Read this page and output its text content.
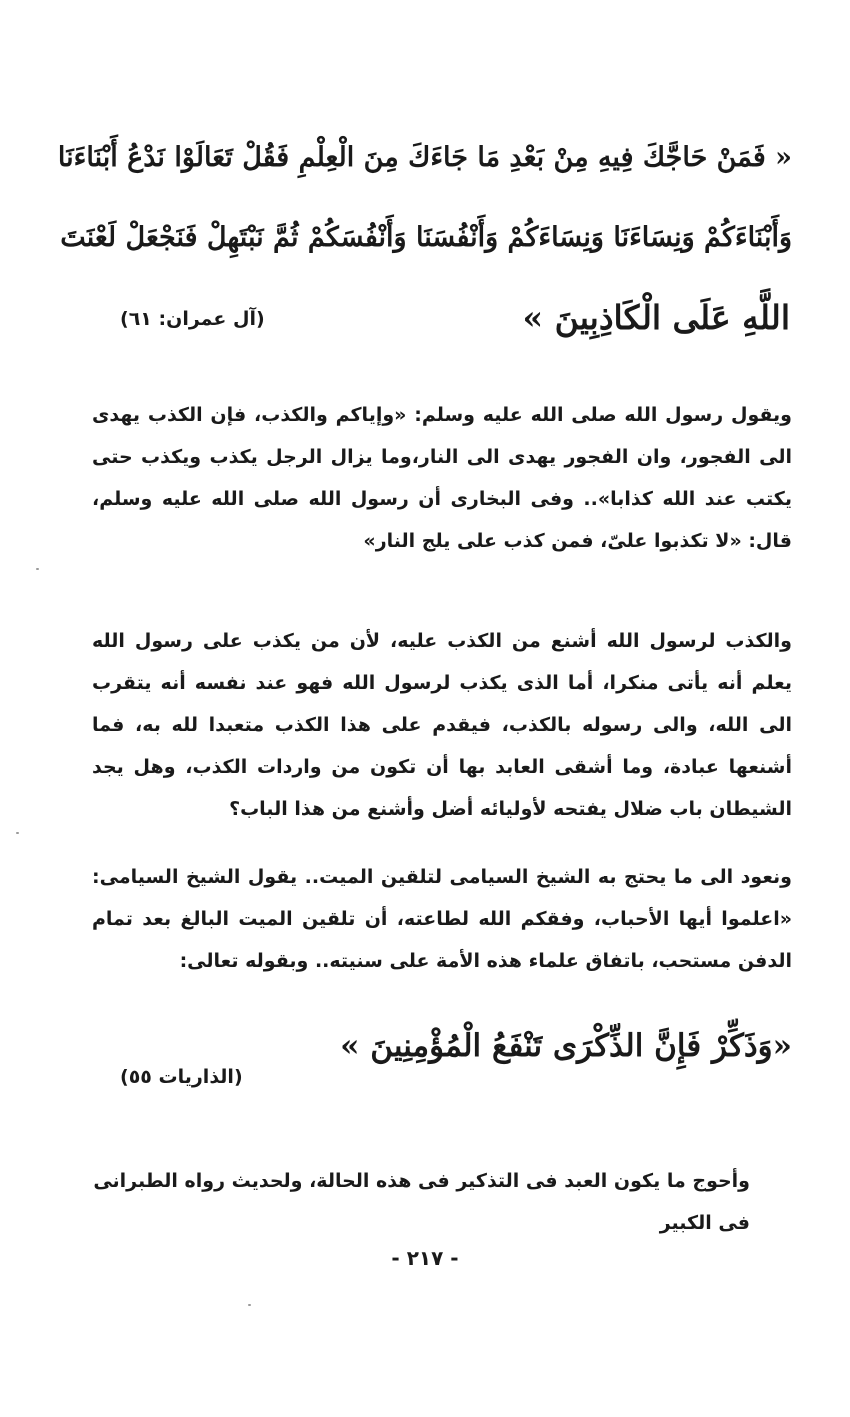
« فَمَنْ حَاجَّكَ فِيهِ مِنْ بَعْدِ مَا جَاءَكَ مِنَ الْعِلْمِ فَقُلْ تَعَالَوْا نَدْعُ أَبْنَاءَنَا
وَأَبْنَاءَكُمْ وَنِسَاءَنَا وَنِسَاءَكُمْ وَأَنْفُسَنَا وَأَنْفُسَكُمْ ثُمَّ نَبْتَهِلْ فَنَجْعَلْ لَعْنَتَ
اللَّهِ عَلَى الْكَاذِبِينَ »
(آل عمران: ٦١)
ويقول رسول الله صلى الله عليه وسلم: «وإياكم والكذب، فإن الكذب يهدى الى الفجور، وان الفجور يهدى الى النار،وما يزال الرجل يكذب ويكذب حتى يكتب عند الله كذابا».. وفى البخارى أن رسول الله صلى الله عليه وسلم، قال: «لا تكذبوا علىّ، فمن كذب على يلج النار»
والكذب لرسول الله أشنع من الكذب عليه، لأن من يكذب على رسول الله يعلم أنه يأتى منكرا، أما الذى يكذب لرسول الله فهو عند نفسه أنه يتقرب الى الله، والى رسوله بالكذب، فيقدم على هذا الكذب متعبدا لله به، فما أشنعها عبادة، وما أشقى العابد بها أن تكون من واردات الكذب، وهل يجد الشيطان باب ضلال يفتحه لأوليائه أضل وأشنع من هذا الباب؟
ونعود الى ما يحتج به الشيخ السيامى لتلقين الميت.. يقول الشيخ السيامى: «اعلموا أيها الأحباب، وفقكم الله لطاعته، أن تلقين الميت البالغ بعد تمام الدفن مستحب، باتفاق علماء هذه الأمة على سنيته.. وبقوله تعالى:
«وَذَكِّرْ فَإِنَّ الذِّكْرَى تَنْفَعُ الْمُؤْمِنِينَ »
(الذاريات ٥٥)
وأحوج ما يكون العبد فى التذكير فى هذه الحالة، ولحديث رواه الطبرانى فى الكبير
- ٢١٧ -
